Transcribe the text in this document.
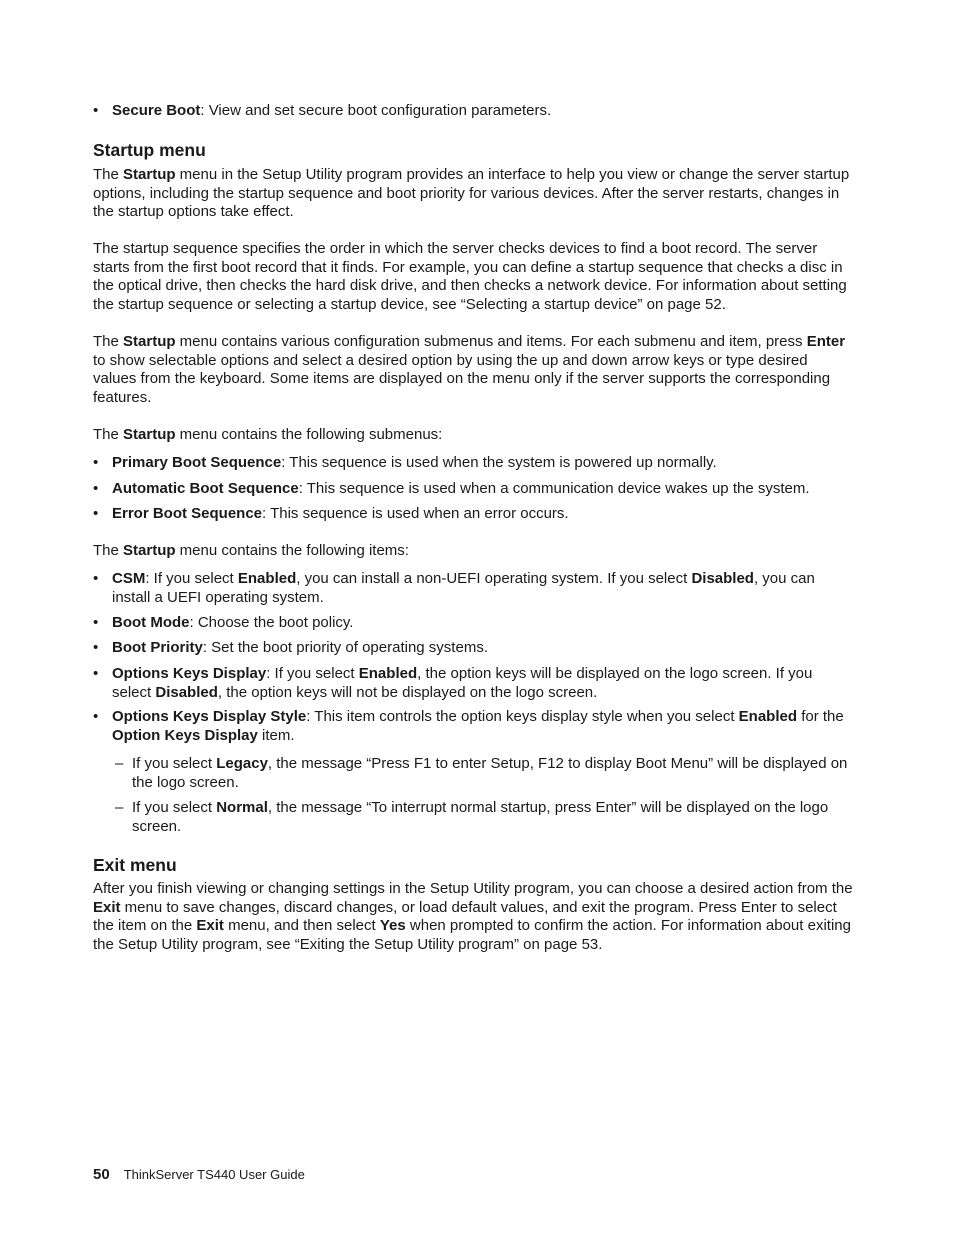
• Secure Boot: View and set secure boot configuration parameters.
Startup menu

The Startup menu in the Setup Utility program provides an interface to help you view or change the server startup options, including the startup sequence and boot priority for various devices. After the server restarts, changes in the startup options take effect.

The startup sequence specifies the order in which the server checks devices to find a boot record. The server starts from the first boot record that it finds. For example, you can define a startup sequence that checks a disc in the optical drive, then checks the hard disk drive, and then checks a network device. For information about setting the startup sequence or selecting a startup device, see “Selecting a startup device” on page 52.

The Startup menu contains various configuration submenus and items. For each submenu and item, press Enter to show selectable options and select a desired option by using the up and down arrow keys or type desired values from the keyboard. Some items are displayed on the menu only if the server supports the corresponding features.

The Startup menu contains the following submenus:

• Primary Boot Sequence: This sequence is used when the system is powered up normally.
• Automatic Boot Sequence: This sequence is used when a communication device wakes up the system.
• Error Boot Sequence: This sequence is used when an error occurs.

The Startup menu contains the following items:

• CSM: If you select Enabled, you can install a non-UEFI operating system. If you select Disabled, you can install a UEFI operating system.
• Boot Mode: Choose the boot policy.
• Boot Priority: Set the boot priority of operating systems.
• Options Keys Display: If you select Enabled, the option keys will be displayed on the logo screen. If you select Disabled, the option keys will not be displayed on the logo screen.
• Options Keys Display Style: This item controls the option keys display style when you select Enabled for the Option Keys Display item.
– If you select Legacy, the message “Press F1 to enter Setup, F12 to display Boot Menu” will be displayed on the logo screen.
– If you select Normal, the message “To interrupt normal startup, press Enter” will be displayed on the logo screen.
Exit menu

After you finish viewing or changing settings in the Setup Utility program, you can choose a desired action from the Exit menu to save changes, discard changes, or load default values, and exit the program. Press Enter to select the item on the Exit menu, and then select Yes when prompted to confirm the action. For information about exiting the Setup Utility program, see “Exiting the Setup Utility program” on page 53.

50 ThinkServer TS440 User Guide
